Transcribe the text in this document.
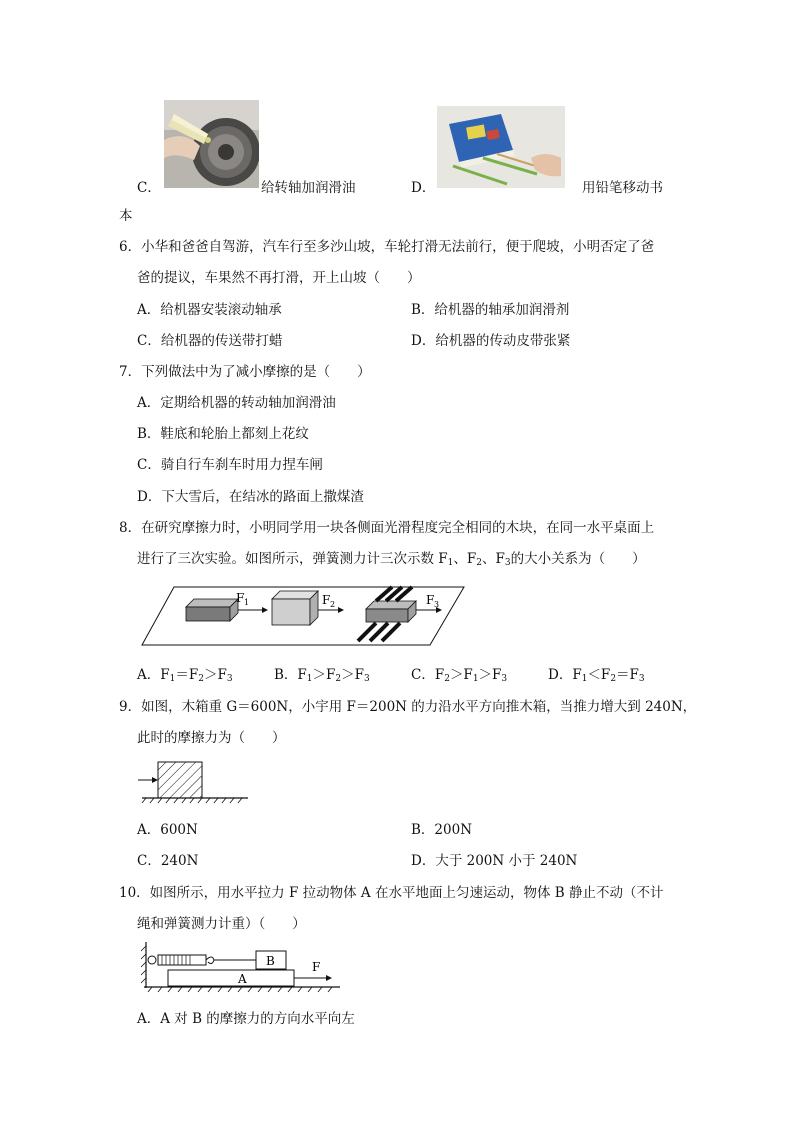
C．	给转轴加润滑油	D．	用铅笔移动书
本
6．小华和爸爸自驾游，汽车行至多沙山坡，车轮打滑无法前行，便于爬坡，小明否定了爸
爸的提议，车果然不再打滑，开上山坡（　　）
A．给机器安装滚动轴承	B．给机器的轴承加润滑剂
C．给机器的传送带打蜡	D．给机器的传动皮带张紧
7．下列做法中为了减小摩擦的是（　　）
A．定期给机器的转动轴加润滑油
B．鞋底和轮胎上都刻上花纹
C．骑自行车刹车时用力捏车闸
D．下大雪后，在结冰的路面上撒煤渣
8．在研究摩擦力时，小明同学用一块各侧面光滑程度完全相同的木块，在同一水平桌面上
进行了三次实验。如图所示，弹簧测力计三次示数 $F_1$、$F_2$、$F_3$的大小关系为（　　）
F 1	F 2	F 3
A．$F_1=F_2>F_3$	B．$F_1>F_2>F_3$	C．$F_2>F_1>F_3$	D．$F_1<F_2=F_3$
9．如图，木箱重 G＝600N，小宇用 F＝200N 的力沿水平方向推木箱，当推力增大到 240N，
此时的摩擦力为（　　）
A．600N	B．200N
C．240N	D．大于 200N 小于 240N
10．如图所示，用水平拉力 F 拉动物体 A 在水平地面上匀速运动，物体 B 静止不动（不计
绳和弹簧测力计重）（　　）
B
A
F
A．A 对 B 的摩擦力的方向水平向左
